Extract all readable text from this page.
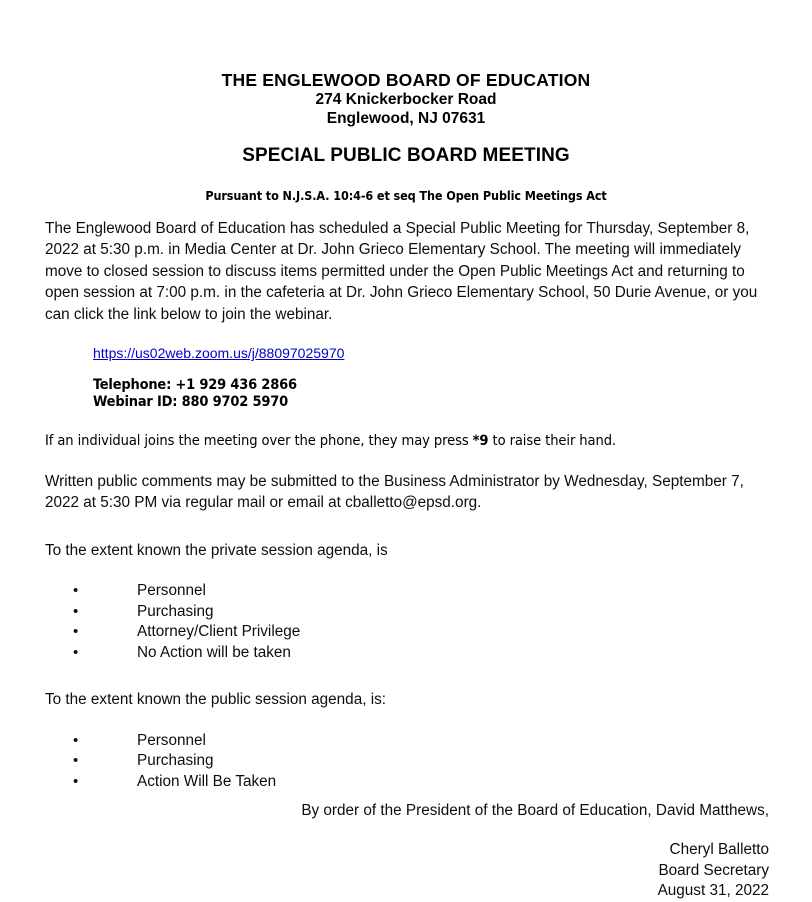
THE ENGLEWOOD BOARD OF EDUCATION
274 Knickerbocker Road
Englewood, NJ 07631
SPECIAL PUBLIC BOARD MEETING
Pursuant to N.J.S.A. 10:4-6 et seq The Open Public Meetings Act

The Englewood Board of Education has scheduled a Special Public Meeting for Thursday, September 8, 2022 at 5:30 p.m. in Media Center at Dr. John Grieco Elementary School. The meeting will immediately move to closed session to discuss items permitted under the Open Public Meetings Act and returning to open session at 7:00 p.m. in the cafeteria at Dr. John Grieco Elementary School, 50 Durie Avenue, or you can click the link below to join the webinar.

https://us02web.zoom.us/j/88097025970
Telephone: +1 929 436 2866
Webinar ID: 880 9702 5970
If an individual joins the meeting over the phone, they may press *9 to raise their hand.

Written public comments may be submitted to the Business Administrator by Wednesday, September 7, 2022 at 5:30 PM via regular mail or email at cballetto@epsd.org.

To the extent known the private session agenda, is

•	Personnel
•	Purchasing
•	Attorney/Client Privilege
•	No Action will be taken

To the extent known the public session agenda, is:

•	Personnel
•	Purchasing
•	Action Will Be Taken
By order of the President of the Board of Education, David Matthews,
Cheryl Balletto
Board Secretary
August 31, 2022
